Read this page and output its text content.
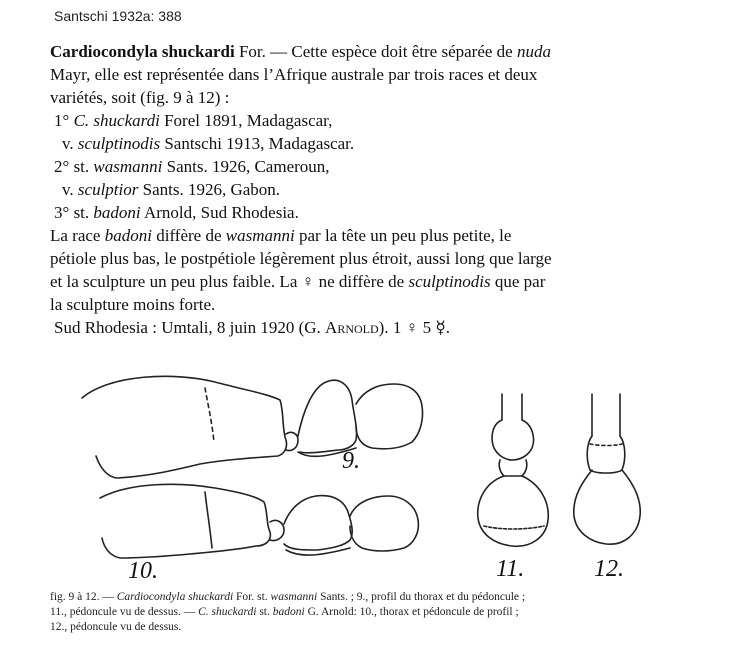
Santschi 1932a: 388
Cardiocondyla shuckardi For. — Cette espèce doit être séparée de nuda
Mayr, elle est représentée dans l’Afrique australe par trois races et deux
variétés, soit (fig. 9 à 12) :
1° C. shuckardi Forel 1891, Madagascar,
v. sculptinodis Santschi 1913, Madagascar.
2° st. wasmanni Sants. 1926, Cameroun,
v. sculptior Sants. 1926, Gabon.
3° st. badoni Arnold, Sud Rhodesia.
La race badoni diffère de wasmanni par la tête un peu plus petite, le
pétiole plus bas, le postpétiole légèrement plus étroit, aussi long que large
et la sculpture un peu plus faible. La ♀ ne diffère de sculptinodis que par
la sculpture moins forte.
Sud Rhodesia : Umtali, 8 juin 1920 (G. Arnold). 1 ♀ 5 ☿.
9.
10.	11.	12.
fig. 9 à 12. — Cardiocondyla shuckardi For. st. wasmanni Sants. ; 9., profil du thorax et du pédoncule ;
11., pédoncule vu de dessus. — C. shuckardi st. badoni G. Arnold: 10., thorax et pédoncule de profil ;
12., pédoncule vu de dessus.
